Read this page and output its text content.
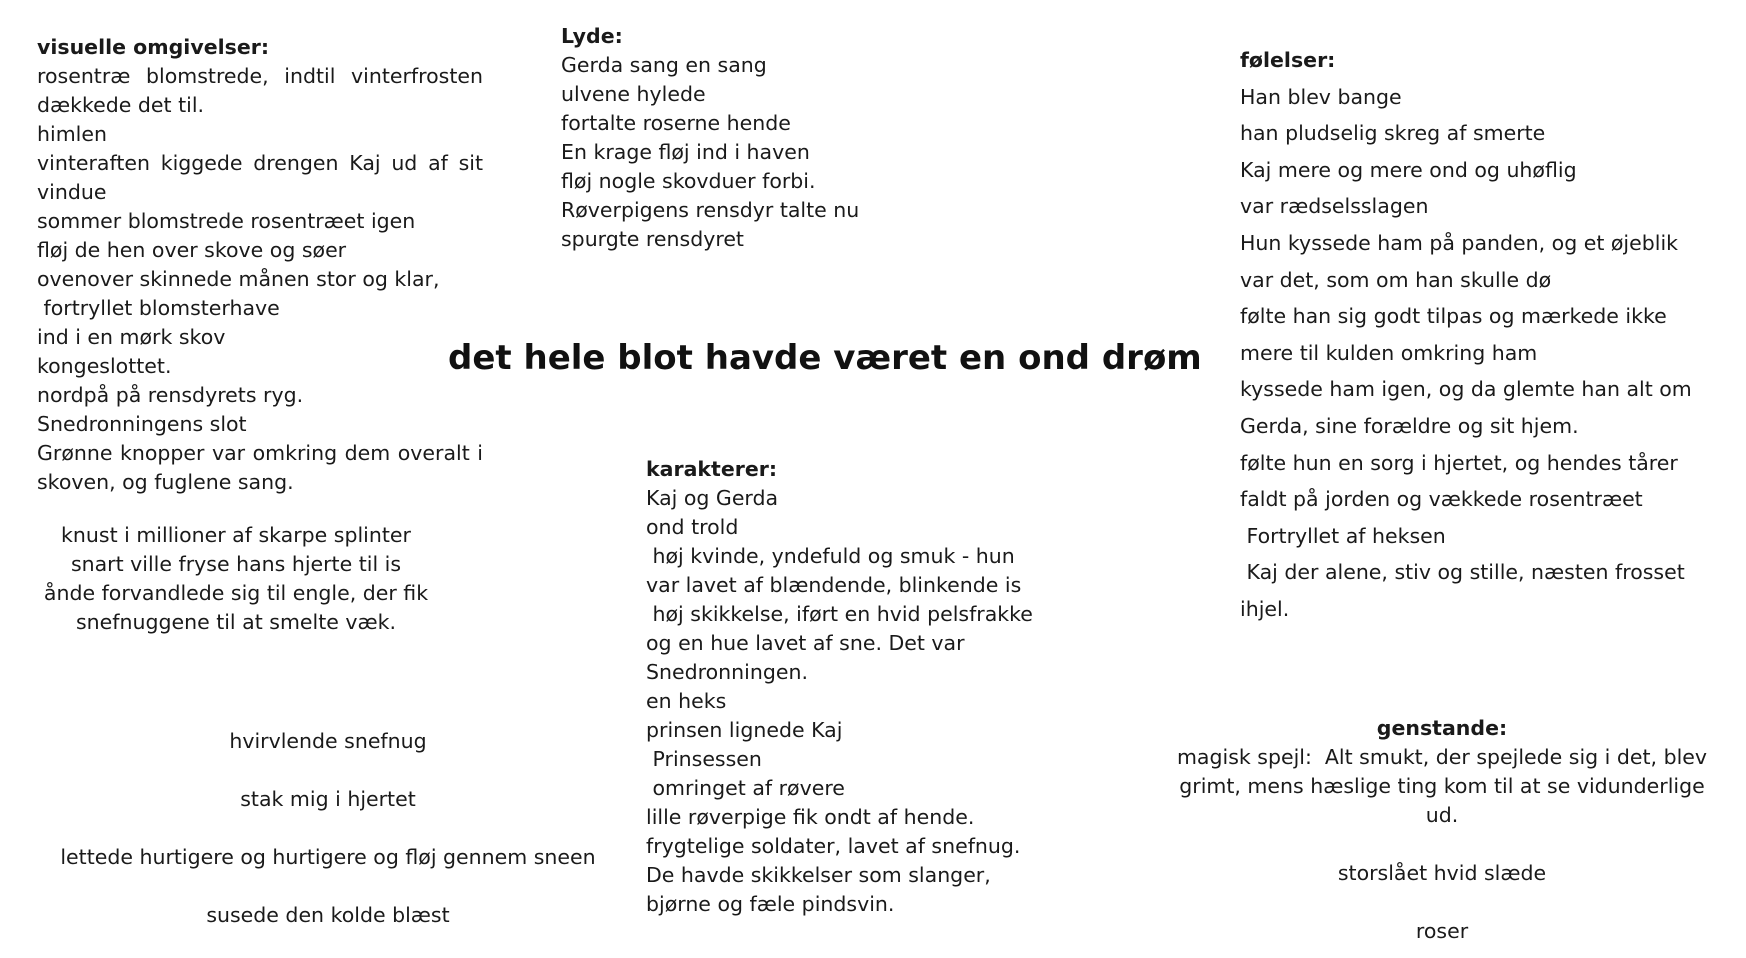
visuelle omgivelser:
rosentræ blomstrede, indtil vinterfrosten dækkede det til.
himlen
vinteraften kiggede drengen Kaj ud af sit vindue
sommer blomstrede rosentræet igen
fløj de hen over skove og søer
ovenover skinnede månen stor og klar,
fortryllet blomsterhave
ind i en mørk skov
kongeslottet.
nordpå på rensdyrets ryg.
Snedronningens slot
Grønne knopper var omkring dem overalt i skoven, og fuglene sang.
Lyde:
Gerda sang en sang
ulvene hylede
fortalte roserne hende
En krage fløj ind i haven
fløj nogle skovduer forbi.
Røverpigens rensdyr talte nu
spurgte rensdyret
følelser:
Han blev bange
han pludselig skreg af smerte
Kaj mere og mere ond og uhøflig
var rædselsslagen
Hun kyssede ham på panden, og et øjeblik
var det, som om han skulle dø
følte han sig godt tilpas og mærkede ikke
mere til kulden omkring ham
kyssede ham igen, og da glemte han alt om
Gerda, sine forældre og sit hjem.
følte hun en sorg i hjertet, og hendes tårer
faldt på jorden og vækkede rosentræet
Fortryllet af heksen
Kaj der alene, stiv og stille, næsten frosset
ihjel.
det hele blot havde været en ond drøm
knust i millioner af skarpe splinter
snart ville fryse hans hjerte til is
ånde forvandlede sig til engle, der fik
snefnuggene til at smelte væk.
karakterer:
Kaj og Gerda
ond trold
høj kvinde, yndefuld og smuk - hun
var lavet af blændende, blinkende is
høj skikkelse, iført en hvid pelsfrakke
og en hue lavet af sne. Det var
Snedronningen.
en heks
prinsen lignede Kaj
Prinsessen
omringet af røvere
lille røverpige fik ondt af hende.
frygtelige soldater, lavet af snefnug.
De havde skikkelser som slanger,
bjørne og fæle pindsvin.
hvirvlende snefnug
stak mig i hjertet
lettede hurtigere og hurtigere og fløj gennem sneen
susede den kolde blæst
genstande:
magisk spejl:  Alt smukt, der spejlede sig i det, blev grimt, mens hæslige ting kom til at se vidunderlige ud.
storslået hvid slæde
roser
